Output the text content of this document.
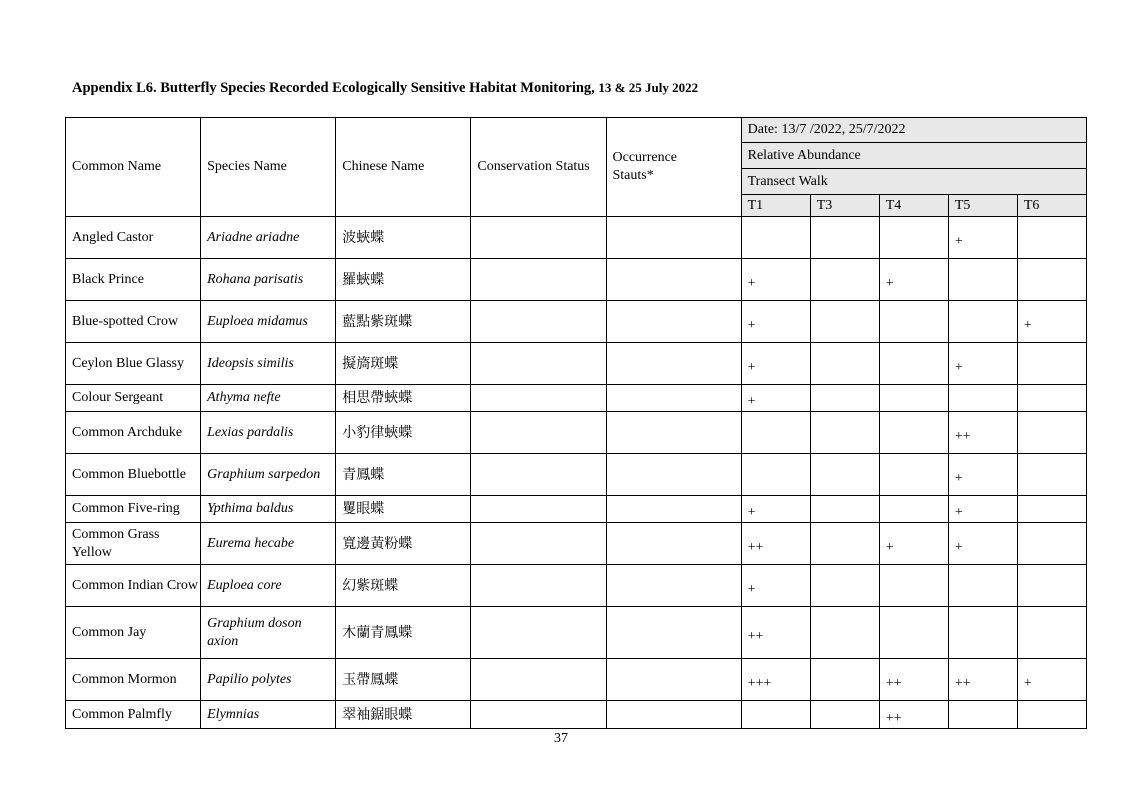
Appendix L6. Butterfly Species Recorded Ecologically Sensitive Habitat Monitoring, 13 & 25 July 2022
Common Name	Species Name	Chinese Name	Conservation Status	Occurrence Stauts*	Date: 13/7 /2022, 25/7/2022				
					Relative Abundance				
					Transect Walk				
					T1	T3	T4	T5	T6
Angled Castor	Ariadne ariadne	波蛺蝶						+	
Black Prince	Rohana parisatis	羅蛺蝶			+		+		
Blue-spotted Crow	Euploea midamus	藍點紫斑蝶			+				+
Ceylon Blue Glassy	Ideopsis similis	擬旖斑蝶			+			+	
Colour Sergeant	Athyma nefte	相思帶蛺蝶			+				
Common Archduke	Lexias pardalis	小豹律蛺蝶						++	
Common Bluebottle	Graphium sarpedon	青鳳蝶						+	
Common Five-ring	Ypthima baldus	矍眼蝶			+			+	
Common Grass Yellow	Eurema hecabe	寬邊黃粉蝶			++		+	+	
Common Indian Crow	Euploea core	幻紫斑蝶			+				
Common Jay	Graphium doson axion	木蘭青鳳蝶			++				
Common Mormon	Papilio polytes	玉帶鳳蝶			+++		++	++	+
Common Palmfly	Elymnias	翠袖鋸眼蝶					++		
37
